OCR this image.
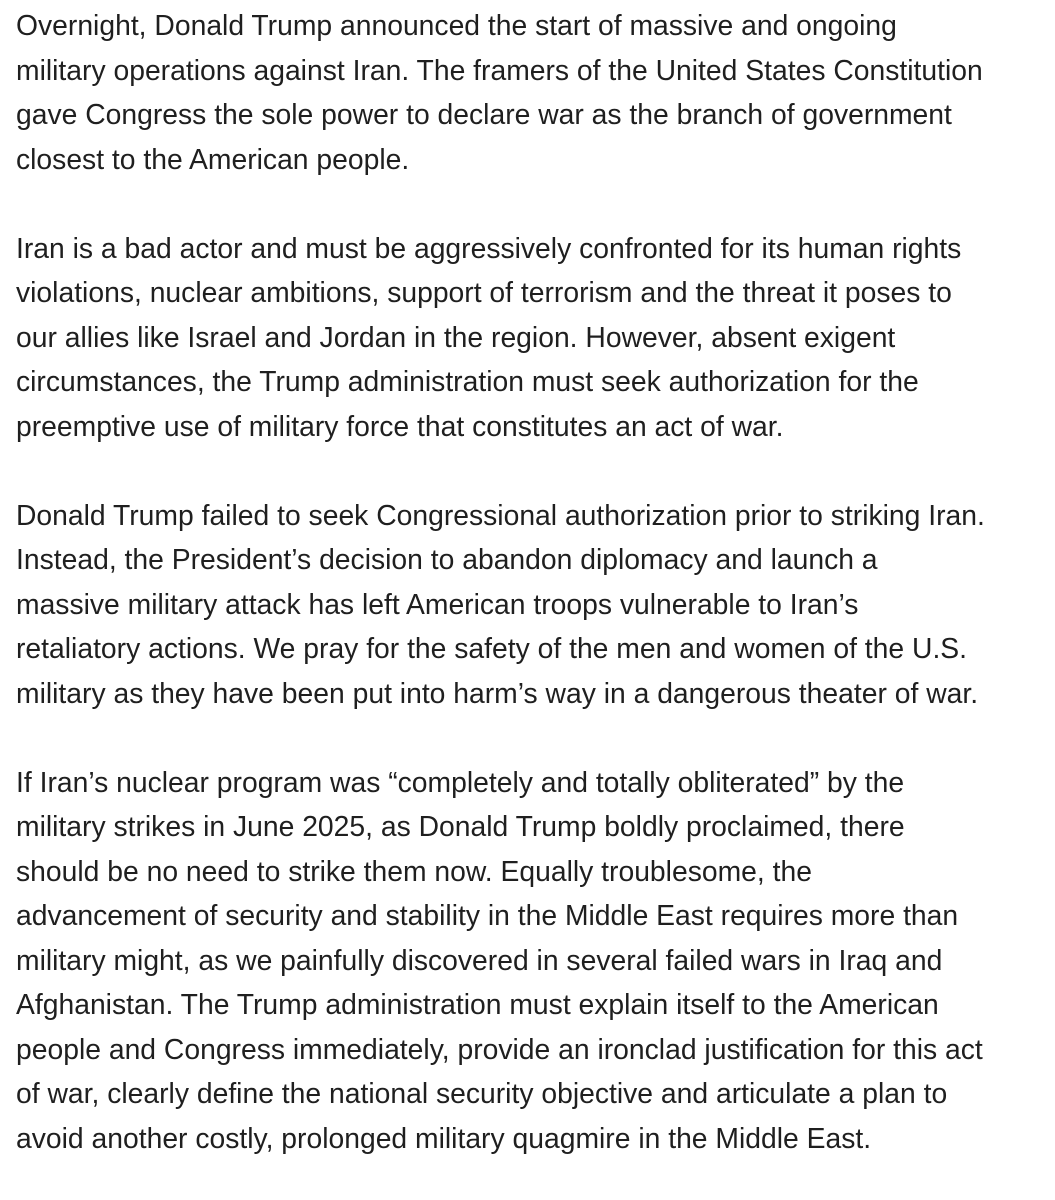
Overnight, Donald Trump announced the start of massive and ongoing
military operations against Iran. The framers of the United States Constitution
gave Congress the sole power to declare war as the branch of government
closest to the American people.

Iran is a bad actor and must be aggressively confronted for its human rights
violations, nuclear ambitions, support of terrorism and the threat it poses to
our allies like Israel and Jordan in the region. However, absent exigent
circumstances, the Trump administration must seek authorization for the
preemptive use of military force that constitutes an act of war.

Donald Trump failed to seek Congressional authorization prior to striking Iran.
Instead, the President’s decision to abandon diplomacy and launch a
massive military attack has left American troops vulnerable to Iran’s
retaliatory actions. We pray for the safety of the men and women of the U.S.
military as they have been put into harm’s way in a dangerous theater of war.

If Iran’s nuclear program was “completely and totally obliterated” by the
military strikes in June 2025, as Donald Trump boldly proclaimed, there
should be no need to strike them now. Equally troublesome, the
advancement of security and stability in the Middle East requires more than
military might, as we painfully discovered in several failed wars in Iraq and
Afghanistan. The Trump administration must explain itself to the American
people and Congress immediately, provide an ironclad justification for this act
of war, clearly define the national security objective and articulate a plan to
avoid another costly, prolonged military quagmire in the Middle East.
